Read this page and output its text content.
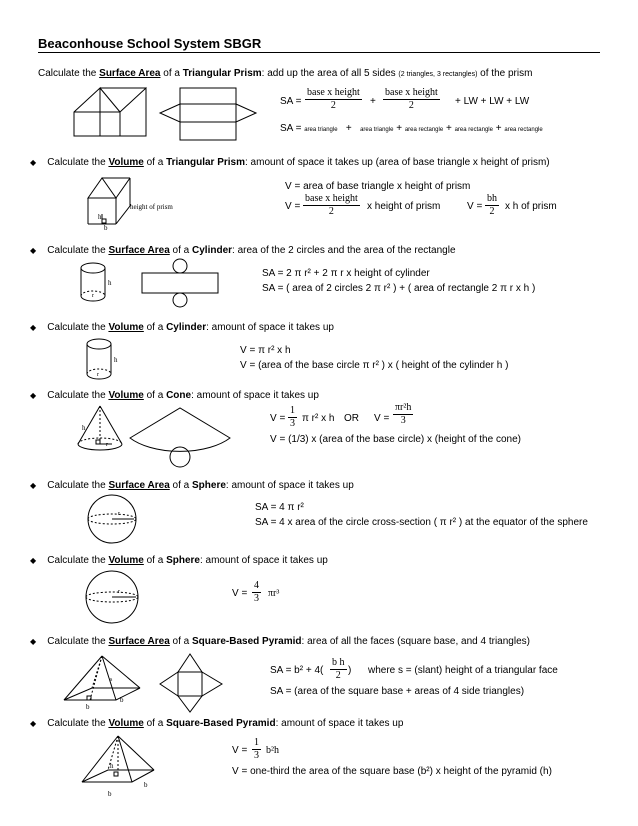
Beaconhouse School System SBGR
Calculate the Surface Area of a Triangular Prism: add up the area of all 5 sides (2 triangles, 3 rectangles) of the prism
SA =
base x height
2	+
base x height
2	+ LW + LW + LW
SA = area triangle   +   area triangle + area rectangle + area rectangle + area rectangle
◆ Calculate the Volume of a Triangular Prism: amount of space it takes up (area of base triangle x height of prism)
height of prism
h
b
V = area of base triangle x height of prism
V =
base x height
2	x height of prism	$V = \frac{bh}{2}$ x h of prism
◆ Calculate the Surface Area of a Cylinder: area of the 2 circles and the area of the rectangle
h
r
SA = 2 π r² + 2 π r x height of cylinder
SA = ( area of 2 circles 2 π r² ) + ( area of rectangle 2 π r x h )
◆ Calculate the Volume of a Cylinder: amount of space it takes up
h
r
V = π r² x h
V = (area of the base circle π r² ) x ( height of the cylinder h )
◆ Calculate the Volume of a Cone: amount of space it takes up
h
r
$V = \frac{1}{3}$ π r² x h OR $V = \frac{\text{πr²h}}{3}$
V = (1/3) x (area of the base circle) x (height of the cone)
◆ Calculate the Surface Area of a Sphere: amount of space it takes up
r
SA = 4 π r²
SA = 4 x area of the circle cross-section ( π r² ) at the equator of the sphere
◆ Calculate the Volume of a Sphere: amount of space it takes up
r	$V = \frac{4}{3} \pi r^3$
◆ Calculate the Surface Area of a Square-Based Pyramid: area of all the faces (square base, and 4 triangles)
s
b
b
SA = $b^2 + 4( \frac{\text{b h}}{2}$ ) where s = (slant) height of a triangular face
SA = (area of the square base + areas of 4 side triangles)
◆ Calculate the Volume of a Square-Based Pyramid: amount of space it takes up
h
b
b
$V = \frac{1}{3} b^2h$
V = one-third the area of the square base (b²) x height of the pyramid (h)
